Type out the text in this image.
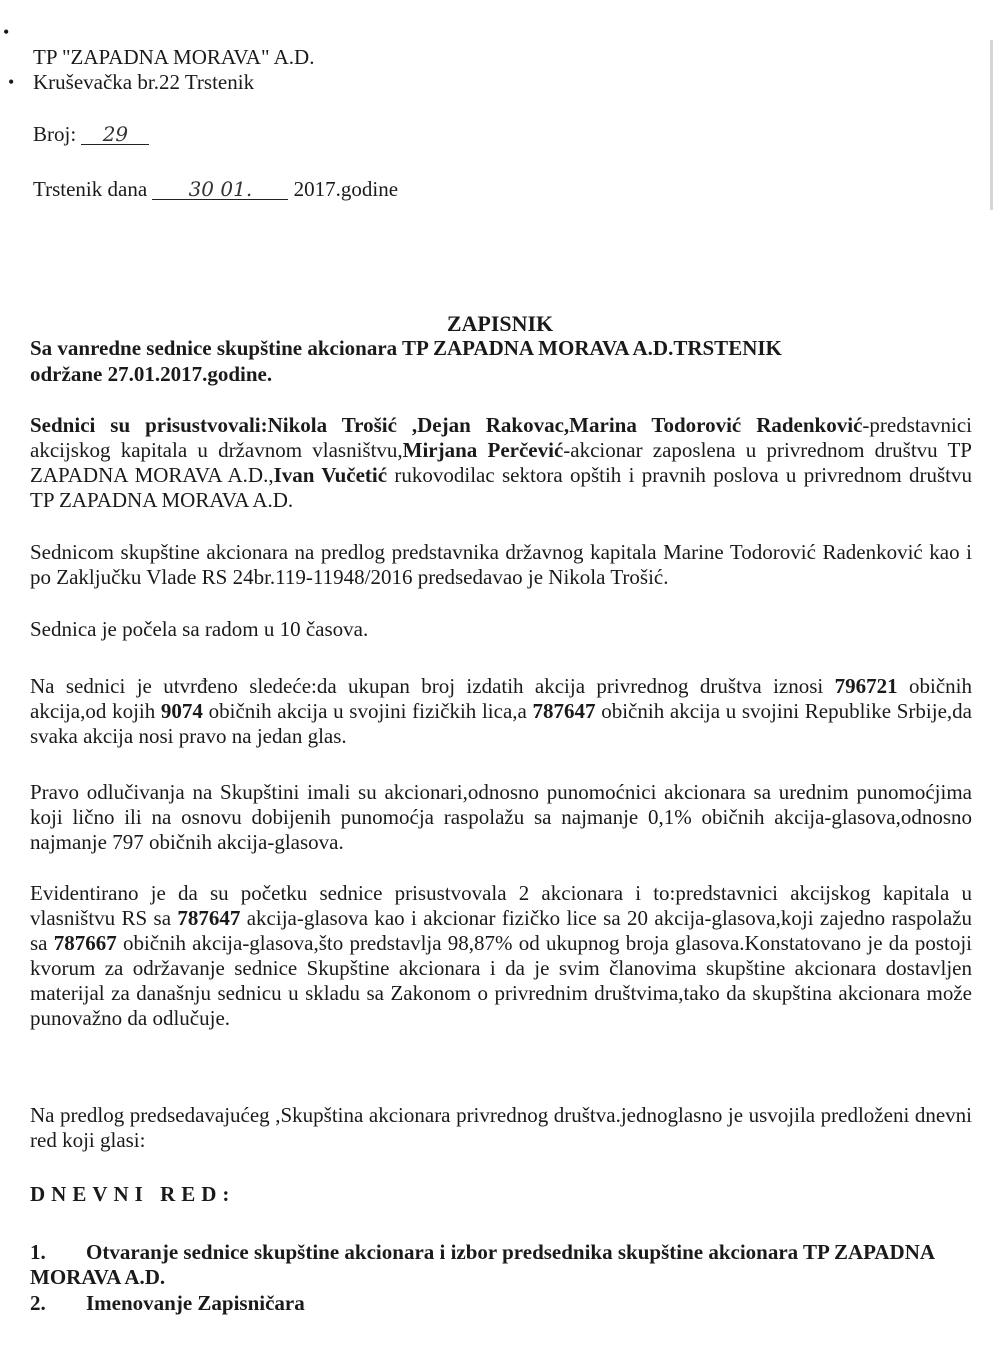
•
•
TP "ZAPADNA MORAVA" A.D.
Kruševačka br.22 Trstenik
Broj: 29
Trstenik dana 30 01. 2017.godine
ZAPISNIK
Sa vanredne sednice skupštine akcionara TP ZAPADNA MORAVA A.D.TRSTENIK
održane 27.01.2017.godine.

Sednici su prisustvovali:Nikola Trošić ,Dejan Rakovac,Marina Todorović Radenković-predstavnici akcijskog kapitala u državnom vlasništvu,Mirjana Perčević-akcionar zaposlena u privrednom društvu TP ZAPADNA MORAVA A.D.,Ivan Vučetić rukovodilac sektora opštih i pravnih poslova u privrednom društvu TP ZAPADNA MORAVA A.D.

Sednicom skupštine akcionara na predlog predstavnika državnog kapitala Marine Todorović Radenković kao i po Zaključku Vlade RS 24br.119-11948/2016 predsedavao je Nikola Trošić.

Sednica je počela sa radom u 10 časova.

Na sednici je utvrđeno sledeće:da ukupan broj izdatih akcija privrednog društva iznosi 796721 običnih akcija,od kojih 9074 običnih akcija u svojini fizičkih lica,a 787647 običnih akcija u svojini Republike Srbije,da svaka akcija nosi pravo na jedan glas.

Pravo odlučivanja na Skupštini imali su akcionari,odnosno punomoćnici akcionara sa urednim punomoćjima koji lično ili na osnovu dobijenih punomoćja raspolažu sa najmanje 0,1% običnih akcija-glasova,odnosno najmanje 797 običnih akcija-glasova.

Evidentirano je da su početku sednice prisustvovala 2 akcionara i to:predstavnici akcijskog kapitala u vlasništvu RS sa 787647 akcija-glasova kao i akcionar fizičko lice sa 20 akcija-glasova,koji zajedno raspolažu sa 787667 običnih akcija-glasova,što predstavlja 98,87% od ukupnog broja glasova.Konstatovano je da postoji kvorum za održavanje sednice Skupštine akcionara i da je svim članovima skupštine akcionara dostavljen materijal za današnju sednicu u skladu sa Zakonom o privrednim društvima,tako da skupština akcionara može punovažno da odlučuje.

Na predlog predsedavajućeg ,Skupština akcionara privrednog društva.jednoglasno je usvojila predloženi dnevni red koji glasi:

DNEVNI RED:
1. Otvaranje sednice skupštine akcionara i izbor predsednika skupštine akcionara TP ZAPADNA MORAVA A.D.
2. Imenovanje Zapisničara
